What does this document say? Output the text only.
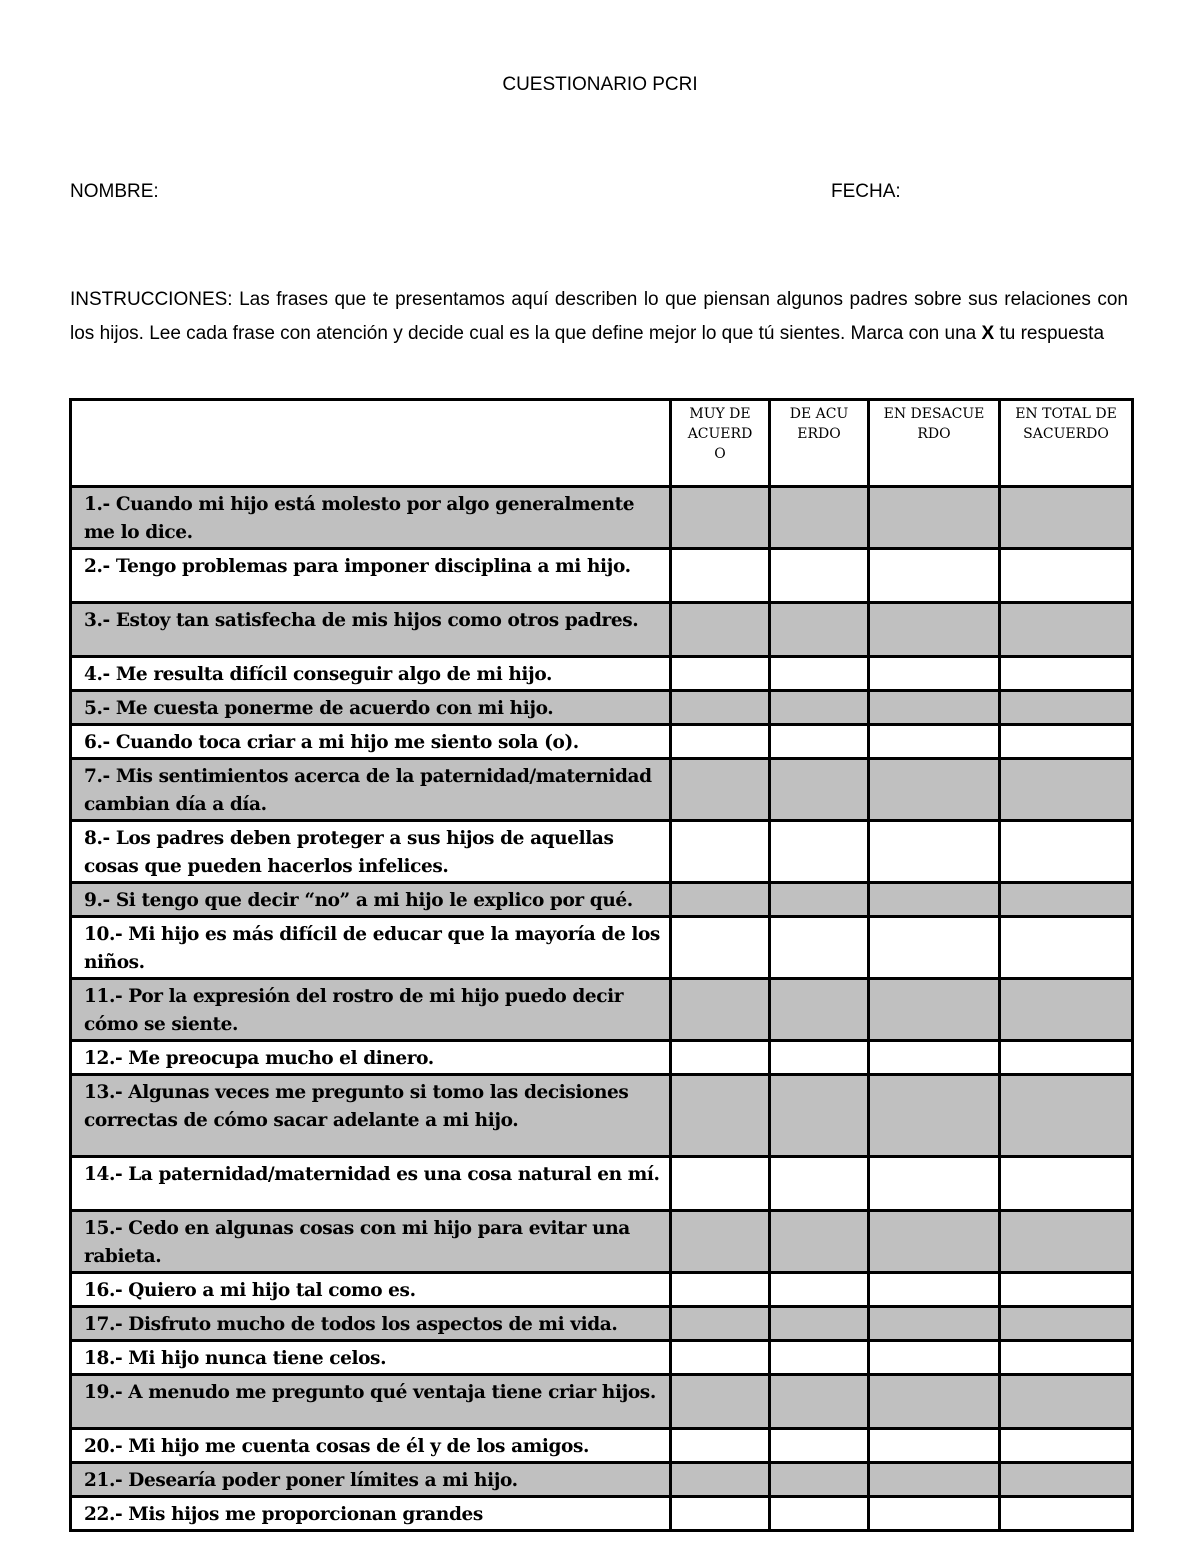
CUESTIONARIO PCRI
NOMBRE:	FECHA:
INSTRUCCIONES: Las frases que te presentamos aquí describen lo que piensan algunos padres sobre sus relaciones con los hijos. Lee cada frase con atención y decide cual es la que define mejor lo que tú sientes. Marca con una X tu respuesta

	MUY DE ACUERDO	DE ACUERDO	EN DESACUERDO	EN TOTAL DESACUERDO

1.- Cuando mi hijo está molesto por algo generalmente me lo dice.				

2.- Tengo problemas para imponer disciplina a mi hijo.				

3.- Estoy tan satisfecha de mis hijos como otros padres.				

4.- Me resulta difícil conseguir algo de mi hijo.				

5.- Me cuesta ponerme de acuerdo con mi hijo.				

6.- Cuando toca criar a mi hijo me siento sola (o).				

7.- Mis sentimientos acerca de la paternidad/maternidad cambian día a día.				

8.- Los padres deben proteger a sus hijos de aquellas cosas que pueden hacerlos infelices.				

9.- Si tengo que decir “no” a mi hijo le explico por qué.				

10.- Mi hijo es más difícil de educar que la mayoría de los niños.				

11.- Por la expresión del rostro de mi hijo puedo decir cómo se siente.				

12.- Me preocupa mucho el dinero.				

13.- Algunas veces me pregunto si tomo las decisiones correctas de cómo sacar adelante a mi hijo.				

14.- La paternidad/maternidad es una cosa natural en mí.				

15.- Cedo en algunas cosas con mi hijo para evitar una rabieta.				

16.- Quiero a mi hijo tal como es.				

17.- Disfruto mucho de todos los aspectos de mi vida.				

18.- Mi hijo nunca tiene celos.				

19.- A menudo me pregunto qué ventaja tiene criar hijos.				

20.- Mi hijo me cuenta cosas de él y de los amigos.				

21.- Desearía poder poner límites a mi hijo.				

22.- Mis hijos me proporcionan grandes				
